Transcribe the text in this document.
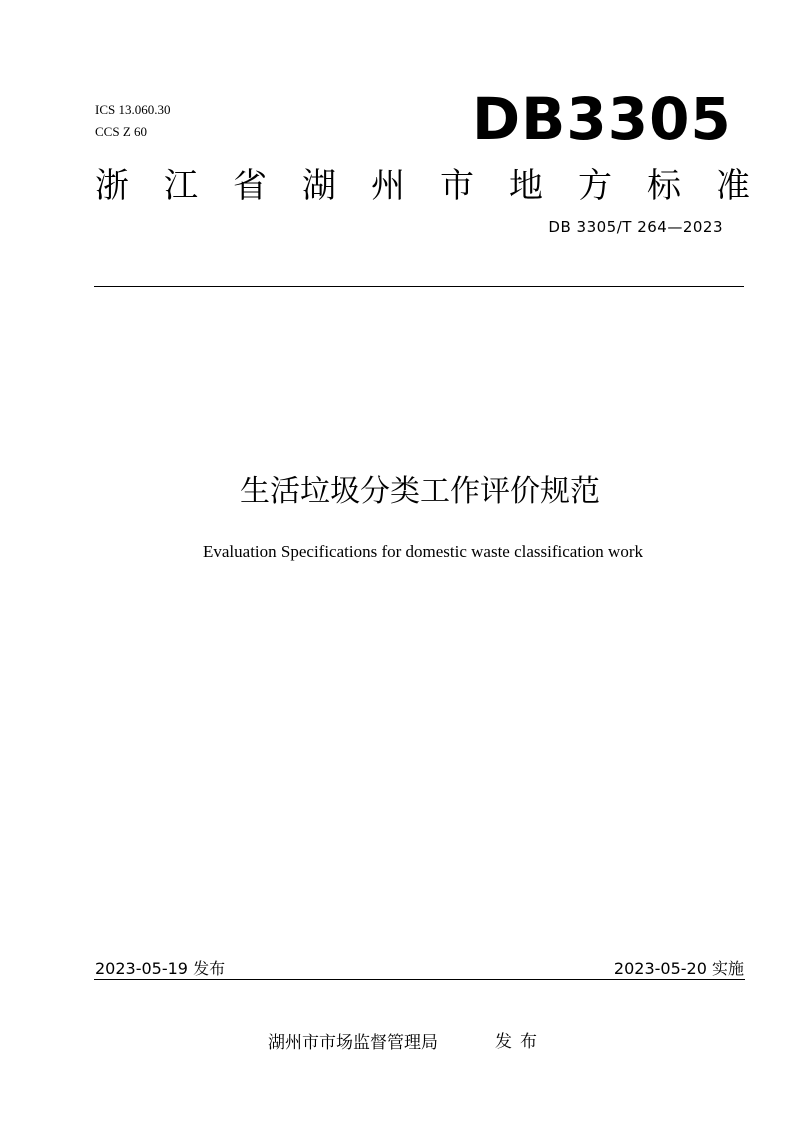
ICS 13.060.30
CCS Z 60	DB3305
浙 江 省 湖 州 市 地 方 标 准
DB 3305/T 264—2023
生活垃圾分类工作评价规范
Evaluation Specifications for domestic waste classification work
2023-05-19 发布	2023-05-20 实施
湖州市市场监督管理局	发布
